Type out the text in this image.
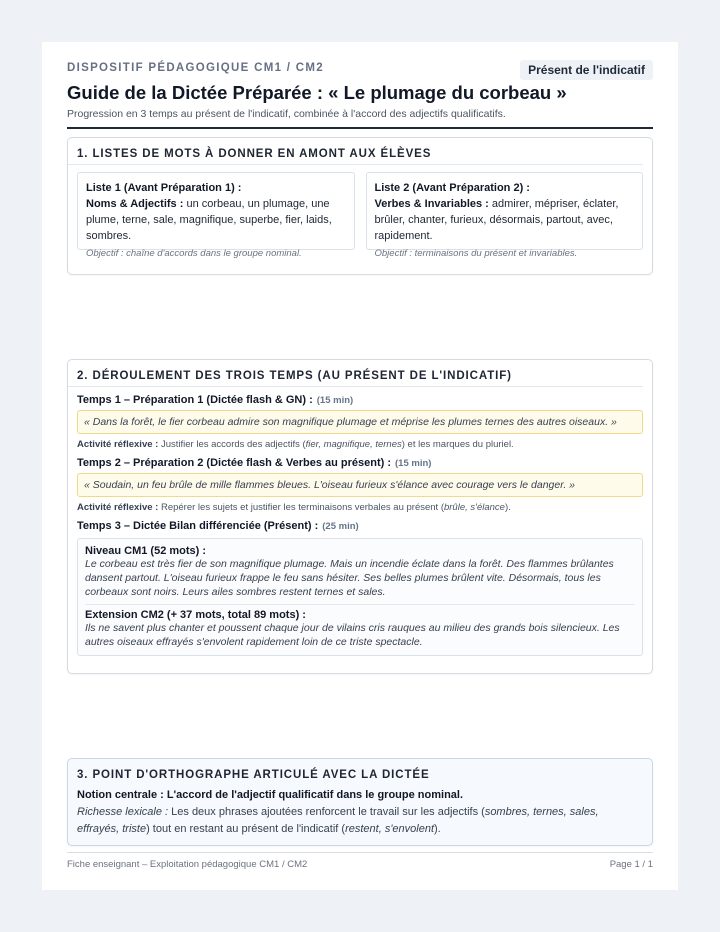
DISPOSITIF PÉDAGOGIQUE CM1 / CM2	Présent de l'indicatif
Guide de la Dictée Préparée : « Le plumage du corbeau »
Progression en 3 temps au présent de l'indicatif, combinée à l'accord des adjectifs qualificatifs.
1. LISTES DE MOTS À DONNER EN AMONT AUX ÉLÈVES
Liste 1 (Avant Préparation 1) :
Noms & Adjectifs : un corbeau, un plumage, une plume, terne, sale, magnifique, superbe, fier, laids, sombres.
Objectif : chaîne d'accords dans le groupe nominal.
Liste 2 (Avant Préparation 2) :
Verbes & Invariables : admirer, mépriser, éclater, brûler, chanter, furieux, désormais, partout, avec, rapidement.
Objectif : terminaisons du présent et invariables.
2. DÉROULEMENT DES TROIS TEMPS (AU PRÉSENT DE L'INDICATIF)
Temps 1 – Préparation 1 (Dictée flash & GN) : (15 min)
« Dans la forêt, le fier corbeau admire son magnifique plumage et méprise les plumes ternes des autres oiseaux. »
Activité réflexive : Justifier les accords des adjectifs (fier, magnifique, ternes) et les marques du pluriel.
Temps 2 – Préparation 2 (Dictée flash & Verbes au présent) : (15 min)
« Soudain, un feu brûle de mille flammes bleues. L'oiseau furieux s'élance avec courage vers le danger. »
Activité réflexive : Repérer les sujets et justifier les terminaisons verbales au présent (brûle, s'élance).
Temps 3 – Dictée Bilan différenciée (Présent) : (25 min)
Niveau CM1 (52 mots) :
Le corbeau est très fier de son magnifique plumage. Mais un incendie éclate dans la forêt. Des flammes brûlantes dansent partout. L'oiseau furieux frappe le feu sans hésiter. Ses belles plumes brûlent vite. Désormais, tous les corbeaux sont noirs. Leurs ailes sombres restent ternes et sales.
Extension CM2 (+ 37 mots, total 89 mots) :
Ils ne savent plus chanter et poussent chaque jour de vilains cris rauques au milieu des grands bois silencieux. Les autres oiseaux effrayés s'envolent rapidement loin de ce triste spectacle.
3. POINT D'ORTHOGRAPHE ARTICULÉ AVEC LA DICTÉE
Notion centrale : L'accord de l'adjectif qualificatif dans le groupe nominal.
Richesse lexicale : Les deux phrases ajoutées renforcent le travail sur les adjectifs (sombres, ternes, sales, effrayés, triste) tout en restant au présent de l'indicatif (restent, s'envolent).
Fiche enseignant – Exploitation pédagogique CM1 / CM2	Page 1 / 1
